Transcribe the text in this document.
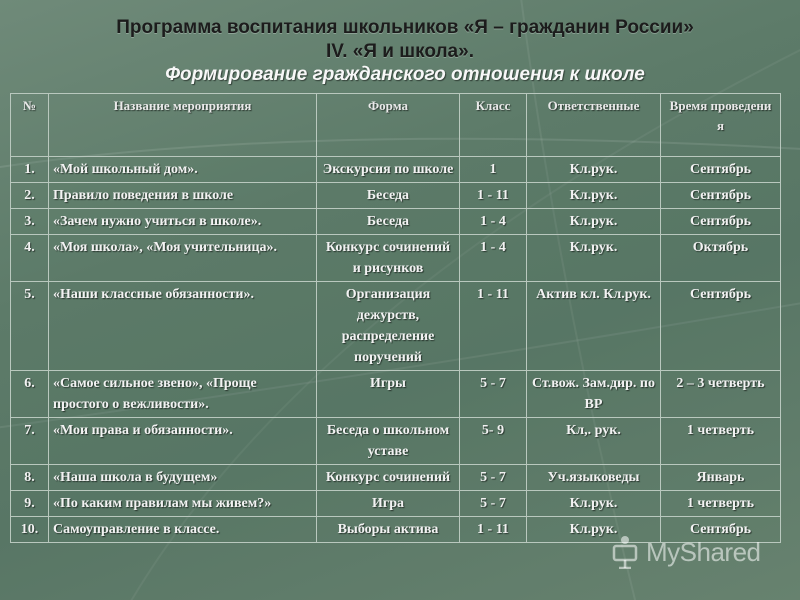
Программа воспитания школьников «Я – гражданин России»
IV. «Я и школа».
Формирование гражданского отношения к школе
№	Название мероприятия	Форма	Класс	Ответственные	Время проведени я
1.	«Мой школьный дом».	Экскурсия по школе	1	Кл.рук.	Сентябрь
2.	Правило поведения в школе	Беседа	1 - 11	Кл.рук.	Сентябрь
3.	«Зачем нужно учиться в школе».	Беседа	1 - 4	Кл.рук.	Сентябрь
4.	«Моя школа», «Моя учительница».	Конкурс сочинений и рисунков	1 - 4	Кл.рук.	Октябрь
5.	«Наши классные обязанности».	Организация дежурств, распределение поручений	1 - 11	Актив кл. Кл.рук.	Сентябрь
6.	«Самое сильное звено», «Проще простого о вежливости».	Игры	5 - 7	Ст.вож. Зам.дир. по ВР	2 – 3 четверть
7.	«Мои права и обязанности».	Беседа о школьном уставе	5- 9	Кл,. рук.	1 четверть
8.	«Наша школа в будущем»	Конкурс сочинений	5 - 7	Уч.языковеды	Январь
9.	«По каким правилам мы живем?»	Игра	5 - 7	Кл.рук.	1 четверть
10.	Самоуправление в классе.	Выборы актива	1 - 11	Кл.рук.	Сентябрь
MyShared
